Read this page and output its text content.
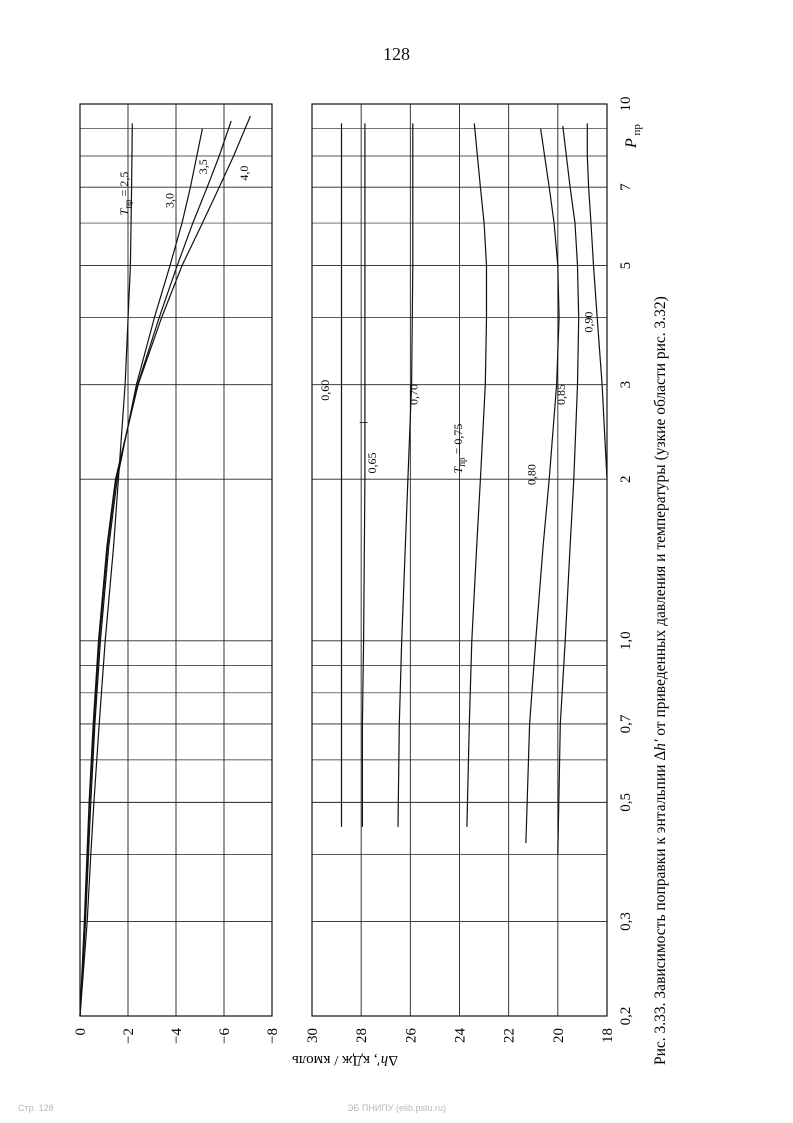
128
0 −2 −4 −6 −8 30 28 26 24 22 20 18
0,2
0,3
0,5
0,7
1,0
2
3
5
7
10
P $_{пр}$
Δh′, кДж / кмоль
$T_{пр} = 2,5$
3,0
3,5 4,0
0,60
0,65
0,70
$T_{пр} = 0,75$
0,80
0,85
0,90
Рис. 3.33. Зависимость поправки к энтальпии Δh′ от приведенных давления и температуры (узкие области рис. 3.32)
Стр. 128	ЭБ ПНИПУ (elib.pstu.ru)
